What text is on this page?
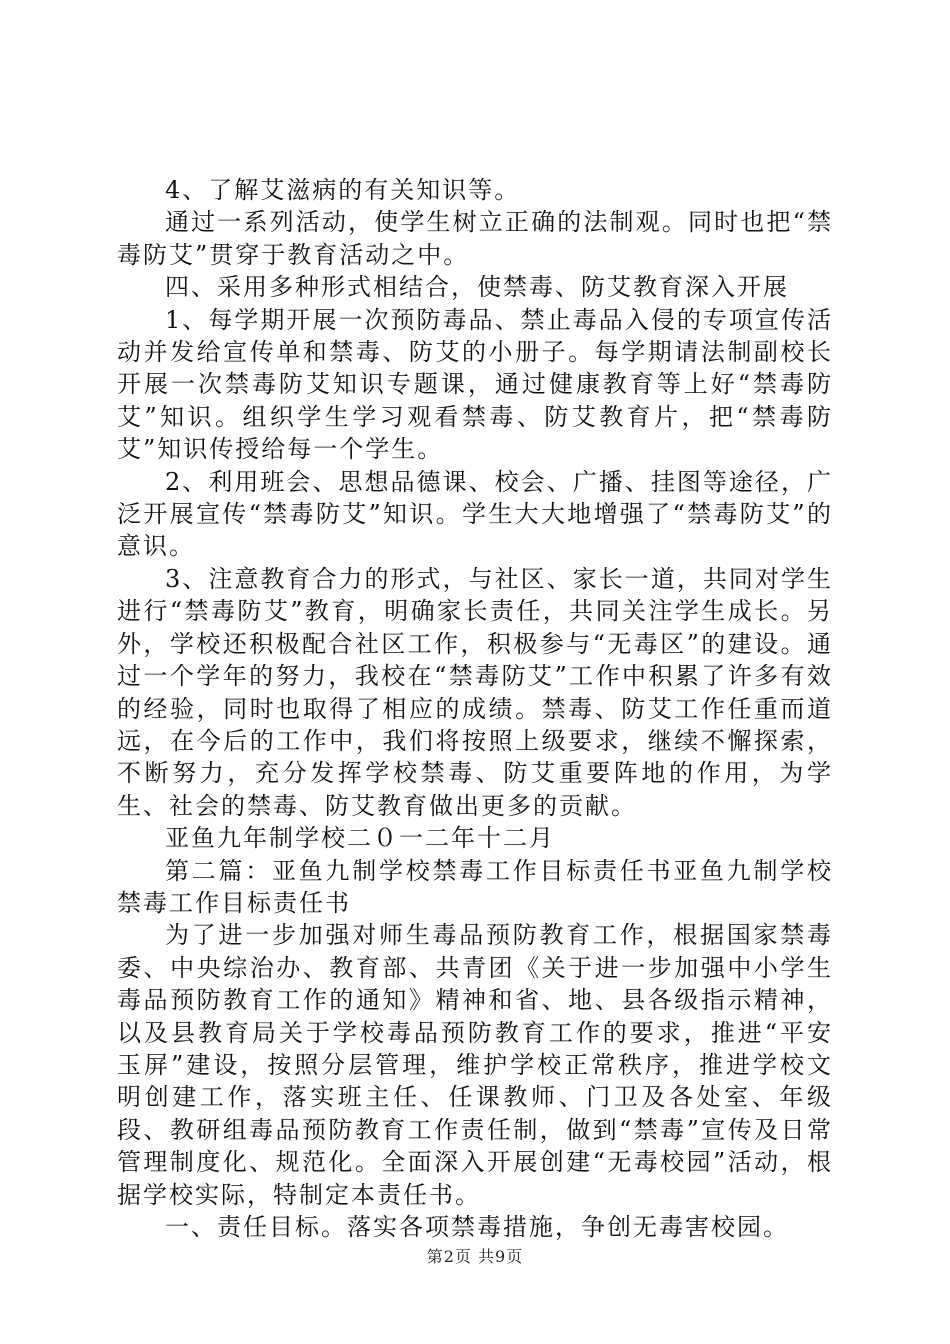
4、了解艾滋病的有关知识等。

通过一系列活动，使学生树立正确的法制观。同时也把“禁毒防艾”贯穿于教育活动之中。

四、采用多种形式相结合，使禁毒、防艾教育深入开展

1、每学期开展一次预防毒品、禁止毒品入侵的专项宣传活动并发给宣传单和禁毒、防艾的小册子。每学期请法制副校长开展一次禁毒防艾知识专题课，通过健康教育等上好“禁毒防艾”知识。组织学生学习观看禁毒、防艾教育片，把“禁毒防艾”知识传授给每一个学生。

2、利用班会、思想品德课、校会、广播、挂图等途径，广泛开展宣传“禁毒防艾”知识。学生大大地增强了“禁毒防艾”的意识。

3、注意教育合力的形式，与社区、家长一道，共同对学生进行“禁毒防艾”教育，明确家长责任，共同关注学生成长。另外，学校还积极配合社区工作，积极参与“无毒区”的建设。通过一个学年的努力，我校在“禁毒防艾”工作中积累了许多有效的经验，同时也取得了相应的成绩。禁毒、防艾工作任重而道远，在今后的工作中，我们将按照上级要求，继续不懈探索，不断努力，充分发挥学校禁毒、防艾重要阵地的作用，为学生、社会的禁毒、防艾教育做出更多的贡献。

亚鱼九年制学校二０一二年十二月

第二篇：亚鱼九制学校禁毒工作目标责任书亚鱼九制学校禁毒工作目标责任书

为了进一步加强对师生毒品预防教育工作，根据国家禁毒委、中央综治办、教育部、共青团《关于进一步加强中小学生毒品预防教育工作的通知》精神和省、地、县各级指示精神，以及县教育局关于学校毒品预防教育工作的要求，推进“平安玉屏”建设，按照分层管理，维护学校正常秩序，推进学校文明创建工作，落实班主任、任课教师、门卫及各处室、年级段、教研组毒品预防教育工作责任制，做到“禁毒”宣传及日常管理制度化、规范化。全面深入开展创建“无毒校园”活动，根据学校实际，特制定本责任书。

一、责任目标。落实各项禁毒措施，争创无毒害校园。

第2页 共9页
